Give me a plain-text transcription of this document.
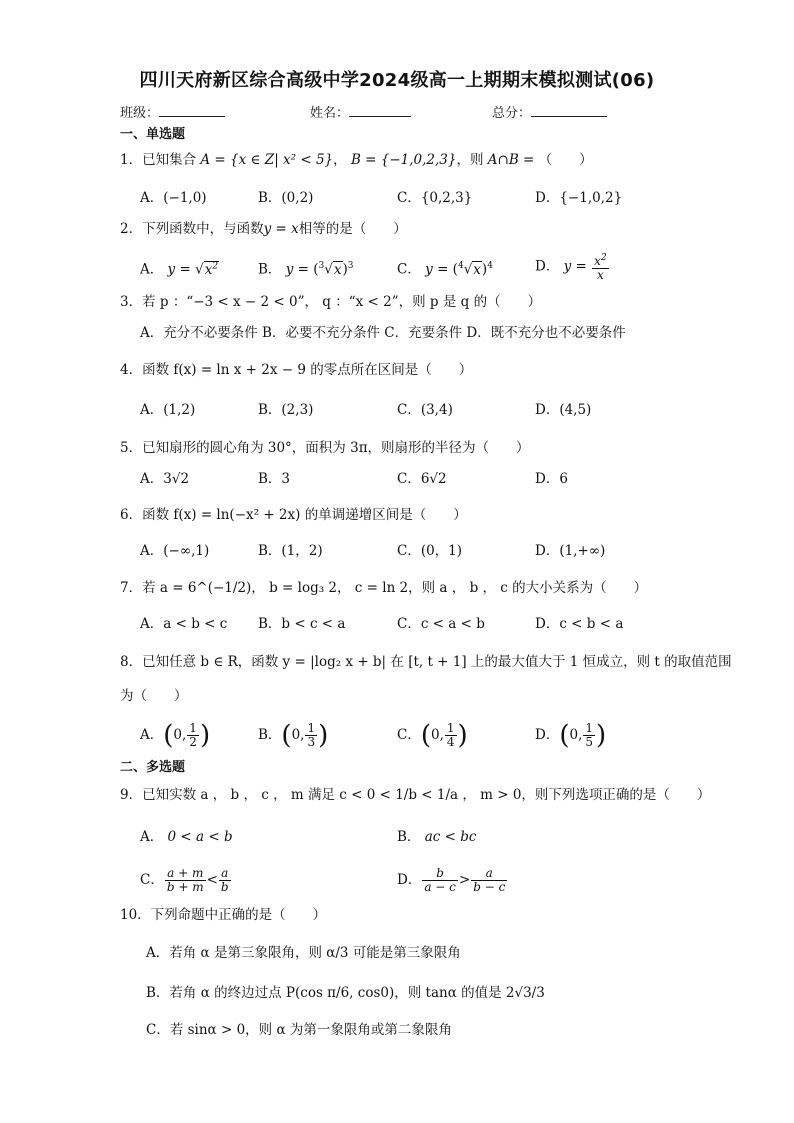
四川天府新区综合高级中学2024级高一上期期末模拟测试(06)
班级：	姓名：	总分：
一、单选题
1．已知集合 A = {x ∈ Z| x² < 5}， B = {−1,0,2,3}，则 A∩B = （　　）
A．(−1,0)	B．(0,2)	C．{0,2,3}	D．{−1,0,2}
2．下列函数中，与函数y = x相等的是（　　）
A． $y = √x^2$	B． $y = (^3√x)^3$	C． $y = (^4√x)^4$	D． $y = \frac{x^2}{x}$
3．若 p ：“−3 < x − 2 < 0”， q ：“x < 2”，则 p 是 q 的（　　）
A．充分不必要条件 B．必要不充分条件 C．充要条件 D．既不充分也不必要条件
4．函数 f(x) = ln x + 2x − 9 的零点所在区间是（　　）
A．(1,2)	B．(2,3)	C．(3,4)	D．(4,5)
5．已知扇形的圆心角为 30°，面积为 3π，则扇形的半径为（　　）
A．3√2	B．3	C．6√2	D．6
6．函数 f(x) = ln(−x² + 2x) 的单调递增区间是（　　）
A．(−∞,1)	B．(1，2)	C．(0，1)	D．(1,+∞)
7．若 a = 6^(−1/2)， b = log₃ 2， c = ln 2，则 a ， b ， c 的大小关系为（　　）
A．a < b < c B．b < c < a	C．c < a < b	D．c < b < a
8．已知任意 b ∈ R，函数 y = |log₂ x + b| 在 [t, t + 1] 上的最大值大于 1 恒成立，则 t 的取值范围
为（　　）
A．(0, $\frac{1}{2}$ )	B．(0, $\frac{1}{3}$ )	C．(0, $\frac{1}{4}$ )	D．(0, $\frac{1}{5}$ )
二、多选题
9．已知实数 a ， b ， c ， m 满足 c < 0 < 1/b < 1/a ， m > 0，则下列选项正确的是（　　）
A． 0 < a < b	B． ac < bc
C． $\frac{a + m}{b + m} < \frac{a}{b}$	D． $\frac{b}{a - c} > \frac{a}{b - c}$
10．下列命题中正确的是（　　）
A．若角 α 是第三象限角，则 α/3 可能是第三象限角
B．若角 α 的终边过点 P(cos π/6, cos0)，则 tanα 的值是 2√3/3
C．若 sinα > 0，则 α 为第一象限角或第二象限角
